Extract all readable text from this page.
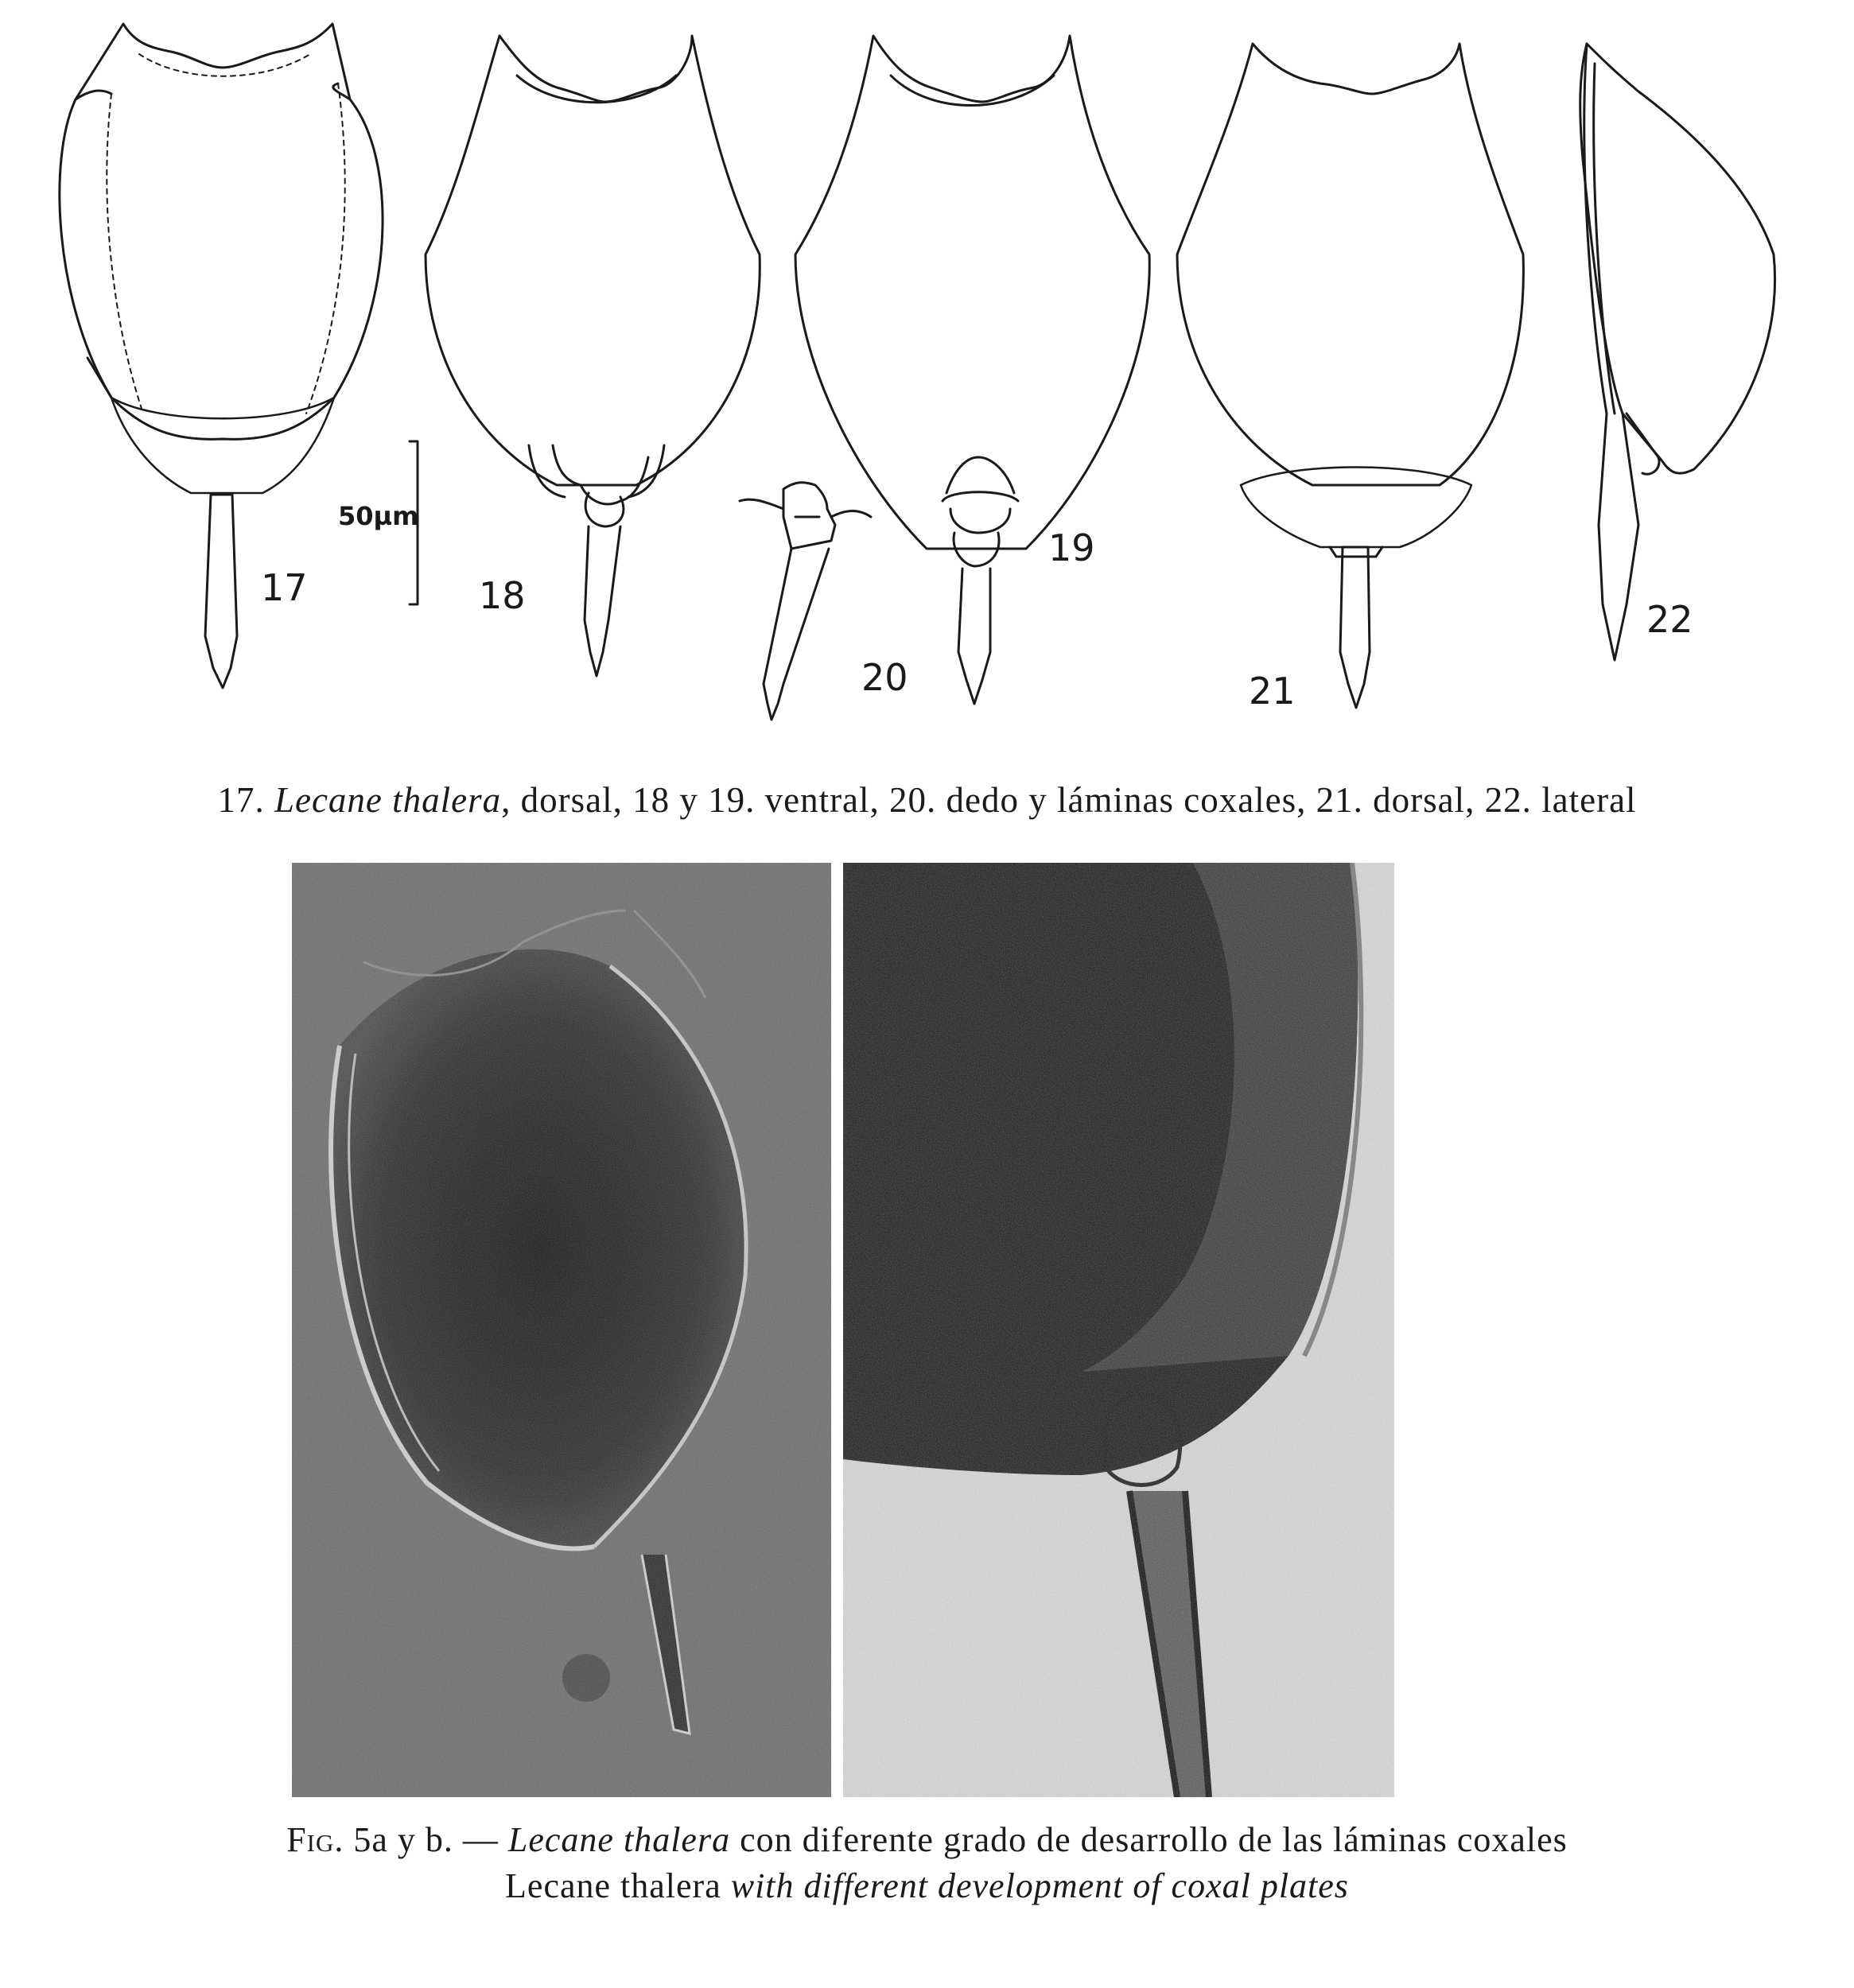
17	18
19
20	21
22
50µm
17. Lecane thalera, dorsal, 18 y 19. ventral, 20. dedo y láminas coxales, 21. dorsal, 22. lateral
Fig. 5a y b. — Lecane thalera con diferente grado de desarrollo de las láminas coxales
Lecane thalera with different development of coxal plates
